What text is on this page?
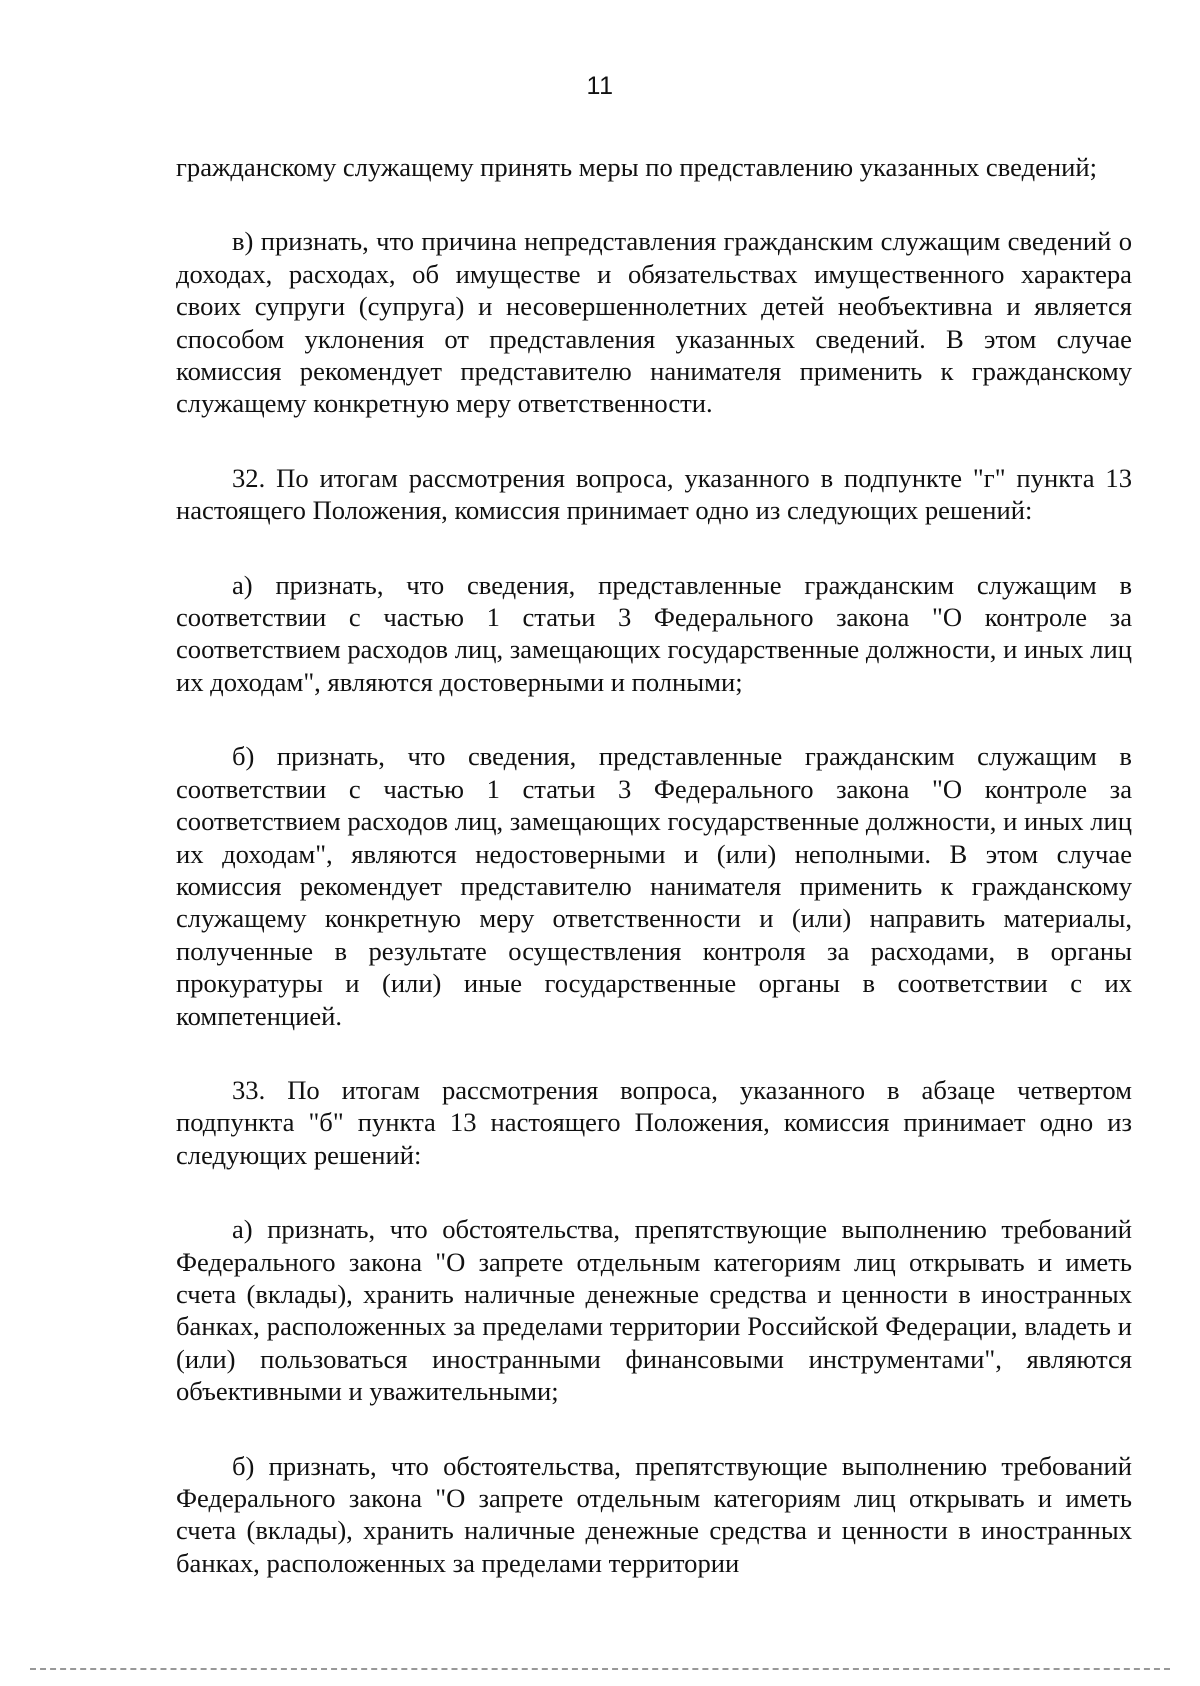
11

гражданскому служащему принять меры по представлению указанных сведений;

в) признать, что причина непредставления гражданским служащим сведений о доходах, расходах, об имуществе и обязательствах имущественного характера своих супруги (супруга) и несовершеннолетних детей необъективна и является способом уклонения от представления указанных сведений. В этом случае комиссия рекомендует представителю нанимателя применить к гражданскому служащему конкретную меру ответственности.

32. По итогам рассмотрения вопроса, указанного в подпункте "г" пункта 13 настоящего Положения, комиссия принимает одно из следующих решений:

а) признать, что сведения, представленные гражданским служащим в соответствии с частью 1 статьи 3 Федерального закона "О контроле за соответствием расходов лиц, замещающих государственные должности, и иных лиц их доходам", являются достоверными и полными;

б) признать, что сведения, представленные гражданским служащим в соответствии с частью 1 статьи 3 Федерального закона "О контроле за соответствием расходов лиц, замещающих государственные должности, и иных лиц их доходам", являются недостоверными и (или) неполными. В этом случае комиссия рекомендует представителю нанимателя применить к гражданскому служащему конкретную меру ответственности и (или) направить материалы, полученные в результате осуществления контроля за расходами, в органы прокуратуры и (или) иные государственные органы в соответствии с их компетенцией.

33. По итогам рассмотрения вопроса, указанного в абзаце четвертом подпункта "б" пункта 13 настоящего Положения, комиссия принимает одно из следующих решений:

а) признать, что обстоятельства, препятствующие выполнению требований Федерального закона "О запрете отдельным категориям лиц открывать и иметь счета (вклады), хранить наличные денежные средства и ценности в иностранных банках, расположенных за пределами территории Российской Федерации, владеть и (или) пользоваться иностранными финансовыми инструментами", являются объективными и уважительными;

б) признать, что обстоятельства, препятствующие выполнению требований Федерального закона "О запрете отдельным категориям лиц открывать и иметь счета (вклады), хранить наличные денежные средства и ценности в иностранных банках, расположенных за пределами территории
